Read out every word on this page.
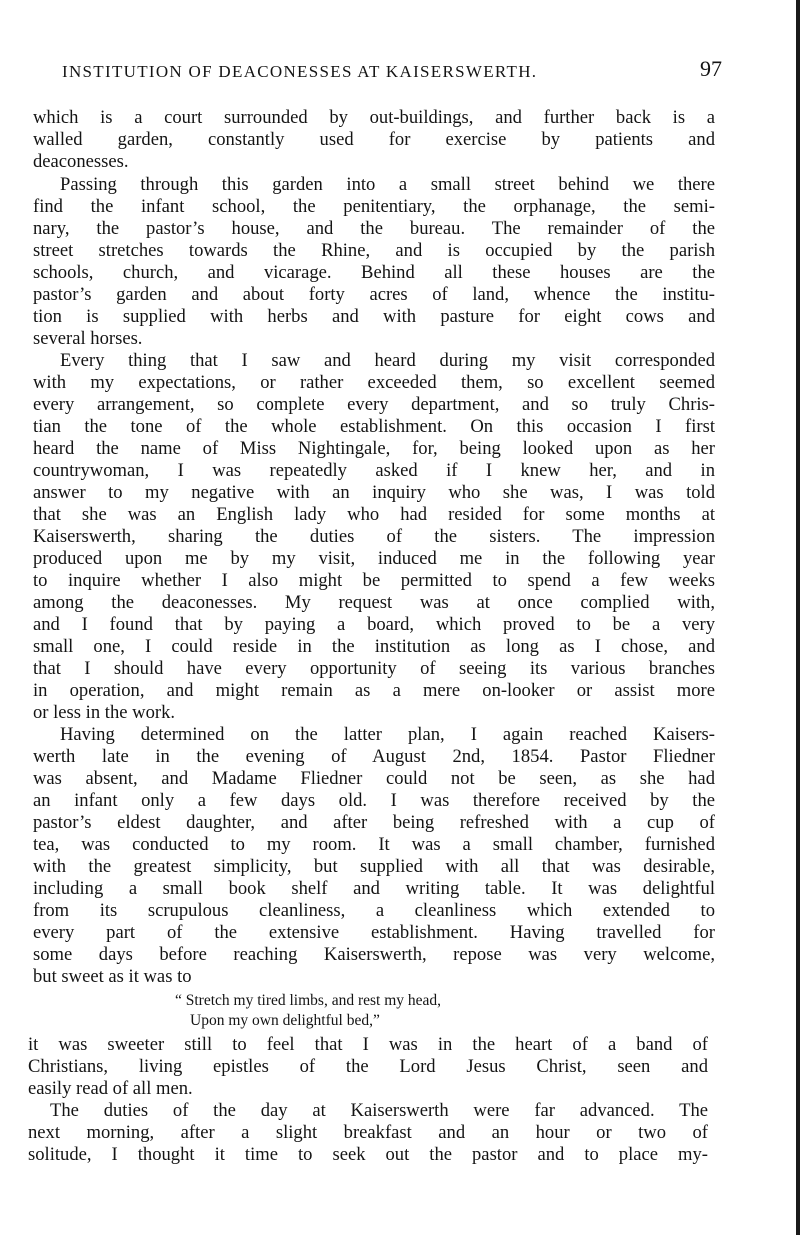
INSTITUTION OF DEACONESSES AT KAISERSWERTH.	97
which is a court surrounded by out-buildings, and further back is a
walled garden, constantly used for exercise by patients and
deaconesses.
Passing through this garden into a small street behind we there
find the infant school, the penitentiary, the orphanage, the semi-
nary, the pastor’s house, and the bureau. The remainder of the
street stretches towards the Rhine, and is occupied by the parish
schools, church, and vicarage. Behind all these houses are the
pastor’s garden and about forty acres of land, whence the institu-
tion is supplied with herbs and with pasture for eight cows and
several horses.
Every thing that I saw and heard during my visit corresponded
with my expectations, or rather exceeded them, so excellent seemed
every arrangement, so complete every department, and so truly Chris-
tian the tone of the whole establishment. On this occasion I first
heard the name of Miss Nightingale, for, being looked upon as her
countrywoman, I was repeatedly asked if I knew her, and in
answer to my negative with an inquiry who she was, I was told
that she was an English lady who had resided for some months at
Kaiserswerth, sharing the duties of the sisters. The impression
produced upon me by my visit, induced me in the following year
to inquire whether I also might be permitted to spend a few weeks
among the deaconesses. My request was at once complied with,
and I found that by paying a board, which proved to be a very
small one, I could reside in the institution as long as I chose, and
that I should have every opportunity of seeing its various branches
in operation, and might remain as a mere on-looker or assist more
or less in the work.
Having determined on the latter plan, I again reached Kaisers-
werth late in the evening of August 2nd, 1854. Pastor Fliedner
was absent, and Madame Fliedner could not be seen, as she had
an infant only a few days old. I was therefore received by the
pastor’s eldest daughter, and after being refreshed with a cup of
tea, was conducted to my room. It was a small chamber, furnished
with the greatest simplicity, but supplied with all that was desirable,
including a small book shelf and writing table. It was delightful
from its scrupulous cleanliness, a cleanliness which extended to
every part of the extensive establishment. Having travelled for
some days before reaching Kaiserswerth, repose was very welcome,
but sweet as it was to
“ Stretch my tired limbs, and rest my head,
Upon my own delightful bed,”
it was sweeter still to feel that I was in the heart of a band of
Christians, living epistles of the Lord Jesus Christ, seen and
easily read of all men.
The duties of the day at Kaiserswerth were far advanced. The
next morning, after a slight breakfast and an hour or two of
solitude, I thought it time to seek out the pastor and to place my-
